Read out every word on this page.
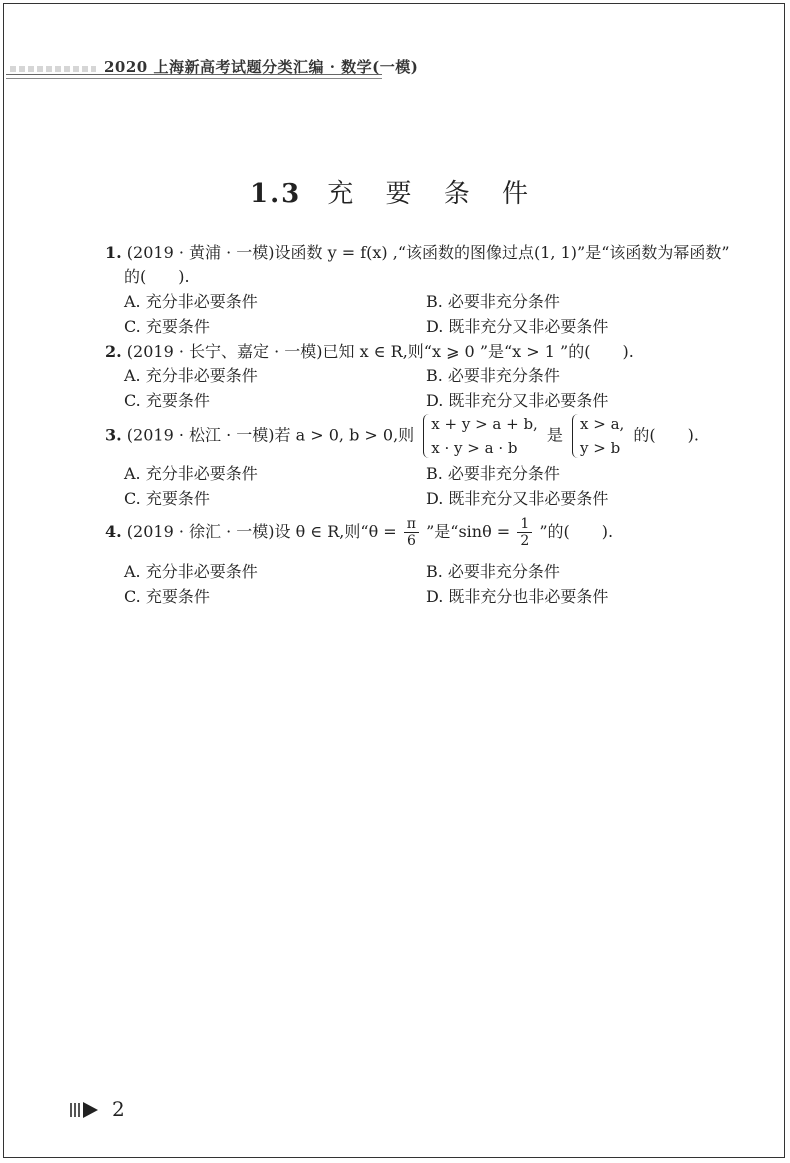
2020 上海新高考试题分类汇编 · 数学(一模)
1.3 充 要 条 件
1. (2019 · 黄浦 · 一模)设函数 y = f(x) ,“该函数的图像过点(1, 1)”是“该函数为幂函数”
的(　　).
A. 充分非必要条件	B. 必要非充分条件
C. 充要条件	D. 既非充分又非必要条件
2. (2019 · 长宁、嘉定 · 一模)已知 x ∈ R,则“x ⩾ 0 ”是“x > 1 ”的(　　).
A. 充分非必要条件	B. 必要非充分条件
C. 充要条件	D. 既非充分又非必要条件
3. (2019 · 松江 · 一模)若 a > 0, b > 0,则
x + y > a + b,
x · y > a · b
是
x > a,
y > b
的(　　).
A. 充分非必要条件	B. 必要非充分条件
C. 充要条件	D. 既非充分又非必要条件
4. (2019 · 徐汇 · 一模)设 θ ∈ R,则“$\theta = \frac{\pi}{6}$ ”是“$\sin\theta = \frac{1}{2}$ ”的(　　).
A. 充分非必要条件	B. 必要非充分条件
C. 充要条件	D. 既非充分也非必要条件
2
